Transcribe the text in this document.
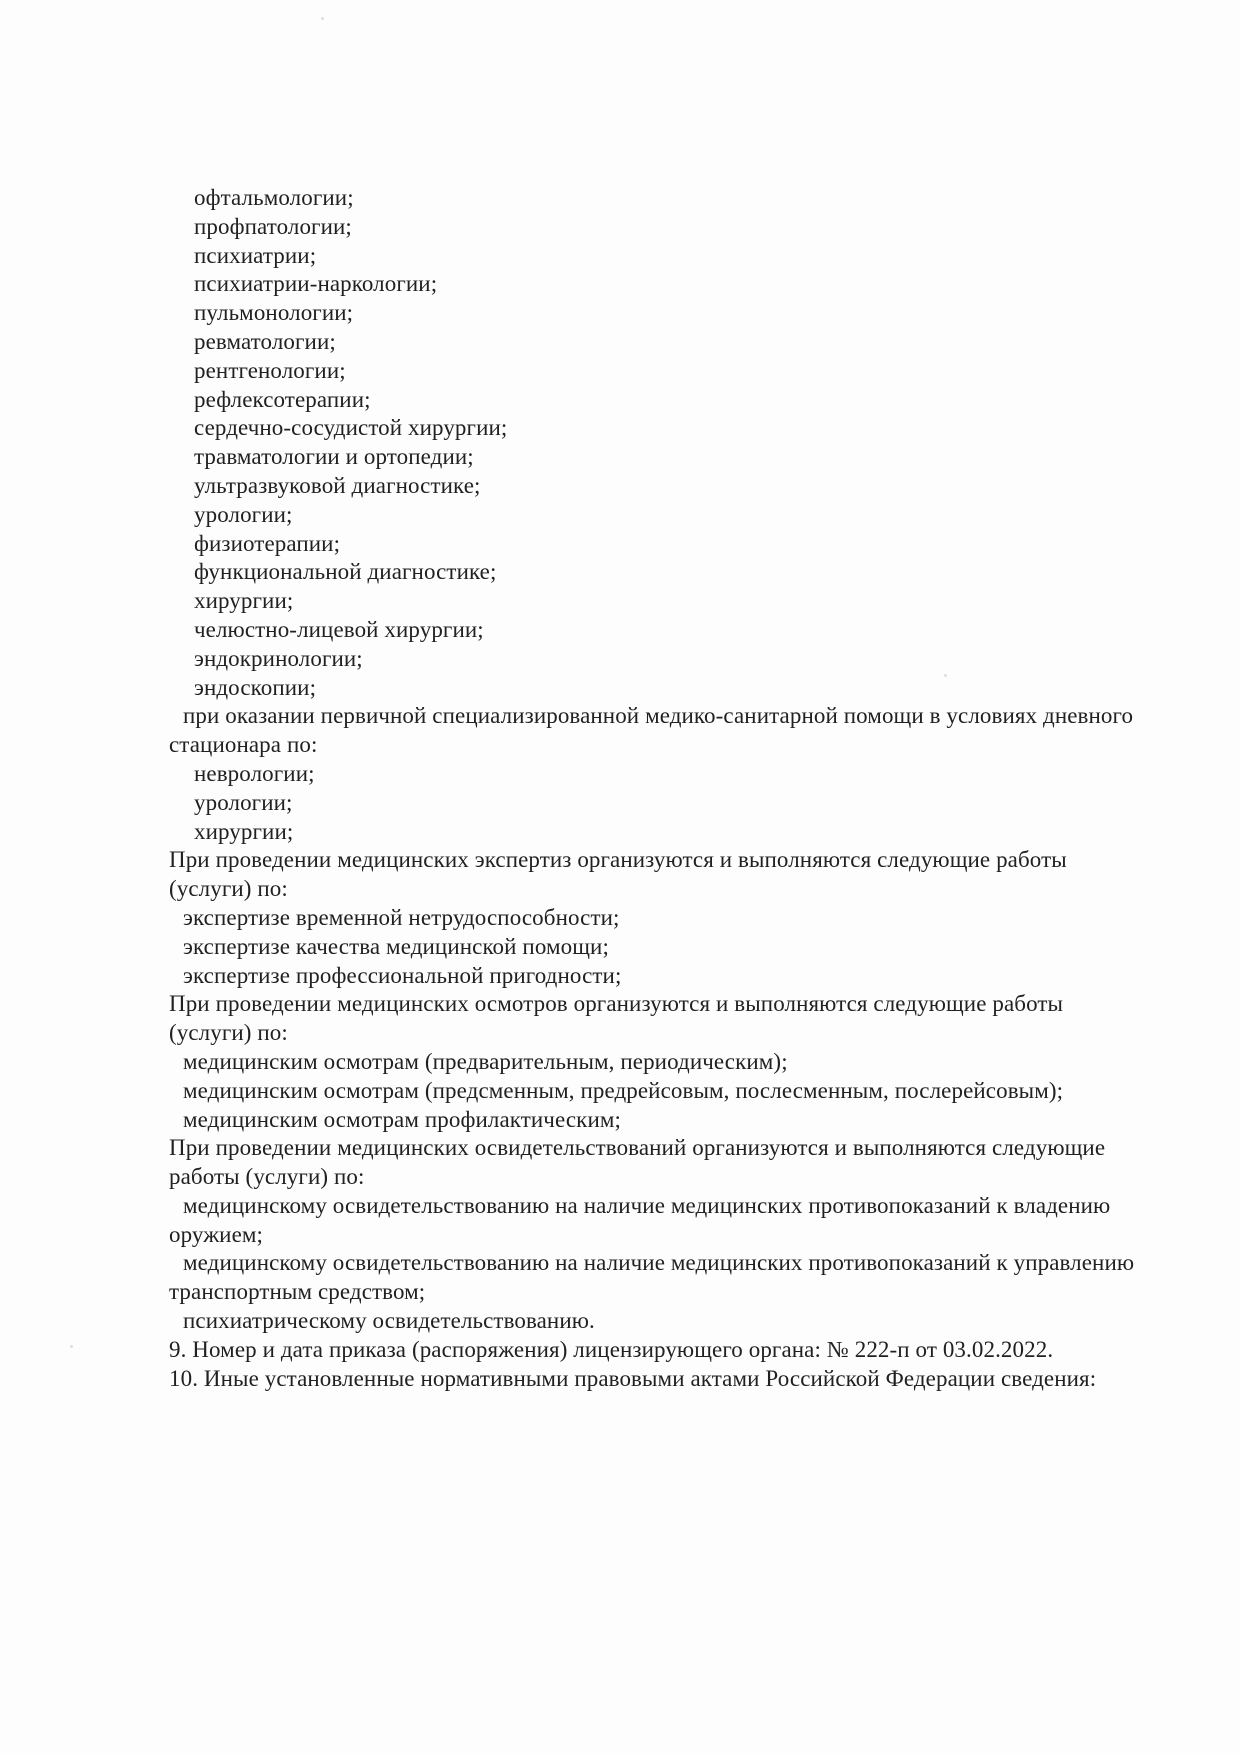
офтальмологии;

профпатологии;

психиатрии;

психиатрии-наркологии;

пульмонологии;

ревматологии;

рентгенологии;

рефлексотерапии;

сердечно-сосудистой хирургии;

травматологии и ортопедии;

ультразвуковой диагностике;

урологии;

физиотерапии;

функциональной диагностике;

хирургии;

челюстно-лицевой хирургии;

эндокринологии;

эндоскопии;

при оказании первичной специализированной медико-санитарной помощи в условиях дневного
стационара по:

неврологии;

урологии;

хирургии;

При проведении медицинских экспертиз организуются и выполняются следующие работы
(услуги) по:

экспертизе временной нетрудоспособности;

экспертизе качества медицинской помощи;

экспертизе профессиональной пригодности;

При проведении медицинских осмотров организуются и выполняются следующие работы
(услуги) по:

медицинским осмотрам (предварительным, периодическим);

медицинским осмотрам (предсменным, предрейсовым, послесменным, послерейсовым);

медицинским осмотрам профилактическим;

При проведении медицинских освидетельствований организуются и выполняются следующие
работы (услуги) по:

медицинскому освидетельствованию на наличие медицинских противопоказаний к владению
оружием;

медицинскому освидетельствованию на наличие медицинских противопоказаний к управлению
транспортным средством;

психиатрическому освидетельствованию.

9. Номер и дата приказа (распоряжения) лицензирующего органа: № 222-п от 03.02.2022.

10. Иные установленные нормативными правовыми актами Российской Федерации сведения:
